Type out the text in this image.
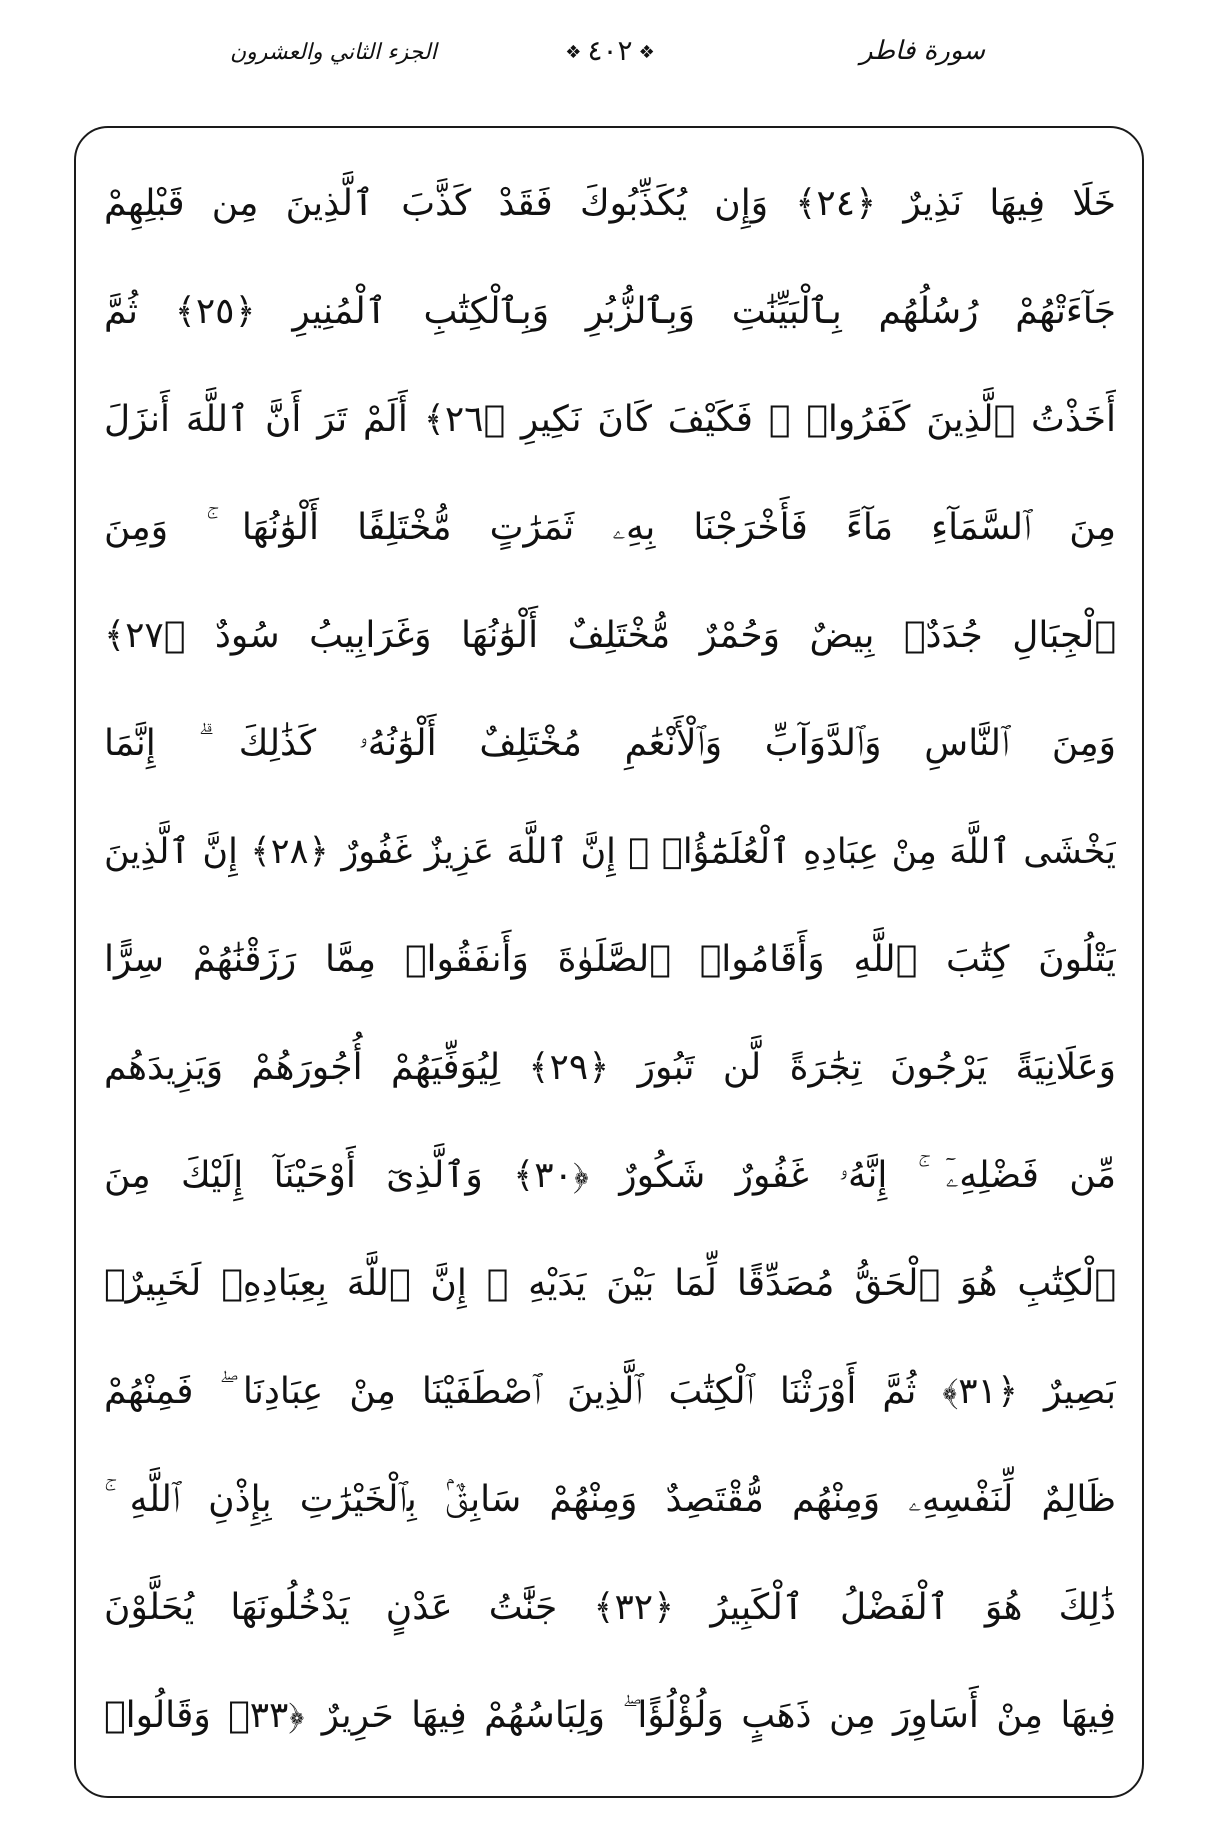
الجزء الثاني والعشرون	❖ ٤٠٢ ❖	سورة فاطر
خَلَا فِيهَا نَذِيرٌ ﴿٢٤﴾ وَإِن يُكَذِّبُوكَ فَقَدْ كَذَّبَ ٱلَّذِينَ مِن قَبْلِهِمْ
جَآءَتْهُمْ رُسُلُهُم بِٱلْبَيِّنَٰتِ وَبِٱلزُّبُرِ وَبِٱلْكِتَٰبِ ٱلْمُنِيرِ ﴿٢٥﴾ ثُمَّ
أَخَذْتُ ٱلَّذِينَ كَفَرُوا۟ ۖ فَكَيْفَ كَانَ نَكِيرِ ﴿٢٦﴾ أَلَمْ تَرَ أَنَّ ٱللَّهَ أَنزَلَ
مِنَ ٱلسَّمَآءِ مَآءً فَأَخْرَجْنَا بِهِۦ ثَمَرَٰتٍ مُّخْتَلِفًا أَلْوَٰنُهَا ۚ وَمِنَ
ٱلْجِبَالِ جُدَدٌۢ بِيضٌ وَحُمْرٌ مُّخْتَلِفٌ أَلْوَٰنُهَا وَغَرَابِيبُ سُودٌ ﴿٢٧﴾
وَمِنَ ٱلنَّاسِ وَٱلدَّوَآبِّ وَٱلْأَنْعَٰمِ مُخْتَلِفٌ أَلْوَٰنُهُۥ كَذَٰلِكَ ۗ إِنَّمَا
يَخْشَى ٱللَّهَ مِنْ عِبَادِهِ ٱلْعُلَمَٰٓؤُا۟ ۗ إِنَّ ٱللَّهَ عَزِيزٌ غَفُورٌ ﴿٢٨﴾ إِنَّ ٱلَّذِينَ
يَتْلُونَ كِتَٰبَ ٱللَّهِ وَأَقَامُوا۟ ٱلصَّلَوٰةَ وَأَنفَقُوا۟ مِمَّا رَزَقْنَٰهُمْ سِرًّا
وَعَلَانِيَةً يَرْجُونَ تِجَٰرَةً لَّن تَبُورَ ﴿٢٩﴾ لِيُوَفِّيَهُمْ أُجُورَهُمْ وَيَزِيدَهُم
مِّن فَضْلِهِۦٓ ۚ إِنَّهُۥ غَفُورٌ شَكُورٌ ﴿٣٠﴾ وَٱلَّذِىٓ أَوْحَيْنَآ إِلَيْكَ مِنَ
ٱلْكِتَٰبِ هُوَ ٱلْحَقُّ مُصَدِّقًا لِّمَا بَيْنَ يَدَيْهِ ۗ إِنَّ ٱللَّهَ بِعِبَادِهِۦ لَخَبِيرٌۢ
بَصِيرٌ ﴿٣١﴾ ثُمَّ أَوْرَثْنَا ٱلْكِتَٰبَ ٱلَّذِينَ ٱصْطَفَيْنَا مِنْ عِبَادِنَا ۖ فَمِنْهُمْ
ظَالِمٌ لِّنَفْسِهِۦ وَمِنْهُم مُّقْتَصِدٌ وَمِنْهُمْ سَابِقٌۢ بِٱلْخَيْرَٰتِ بِإِذْنِ ٱللَّهِ ۚ
ذَٰلِكَ هُوَ ٱلْفَضْلُ ٱلْكَبِيرُ ﴿٣٢﴾ جَنَّٰتُ عَدْنٍ يَدْخُلُونَهَا يُحَلَّوْنَ
فِيهَا مِنْ أَسَاوِرَ مِن ذَهَبٍ وَلُؤْلُؤًا ۖ وَلِبَاسُهُمْ فِيهَا حَرِيرٌ ﴿٣٣﴾ وَقَالُوا۟
